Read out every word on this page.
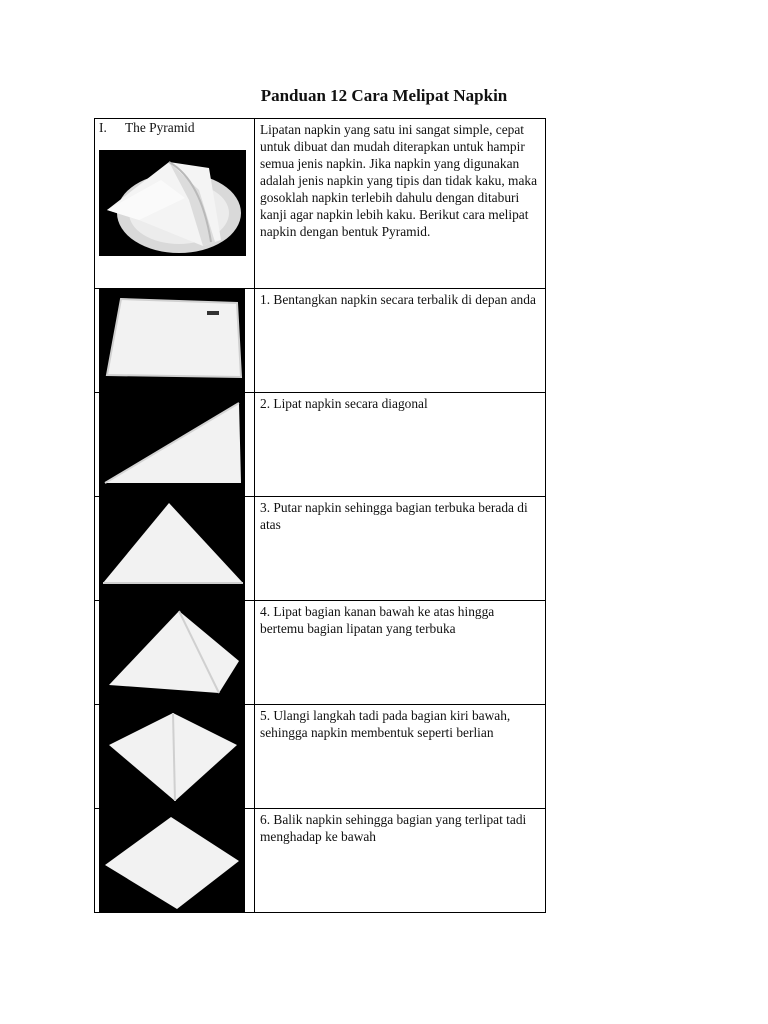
Panduan 12 Cara Melipat Napkin
I. The Pyramid	Lipatan napkin yang satu ini sangat simple, cepat untuk dibuat dan mudah diterapkan untuk hampir semua jenis napkin. Jika napkin yang digunakan adalah jenis napkin yang tipis dan tidak kaku, maka gosoklah napkin terlebih dahulu dengan ditaburi kanji agar napkin lebih kaku. Berikut cara melipat napkin dengan bentuk Pyramid.

	1. Bentangkan napkin secara terbalik di depan anda

	2. Lipat napkin secara diagonal

	3. Putar napkin sehingga bagian terbuka berada di atas

	4. Lipat bagian kanan bawah ke atas hingga bertemu bagian lipatan yang terbuka

	5. Ulangi langkah tadi pada bagian kiri bawah, sehingga napkin membentuk seperti berlian

	6. Balik napkin sehingga bagian yang terlipat tadi menghadap ke bawah
